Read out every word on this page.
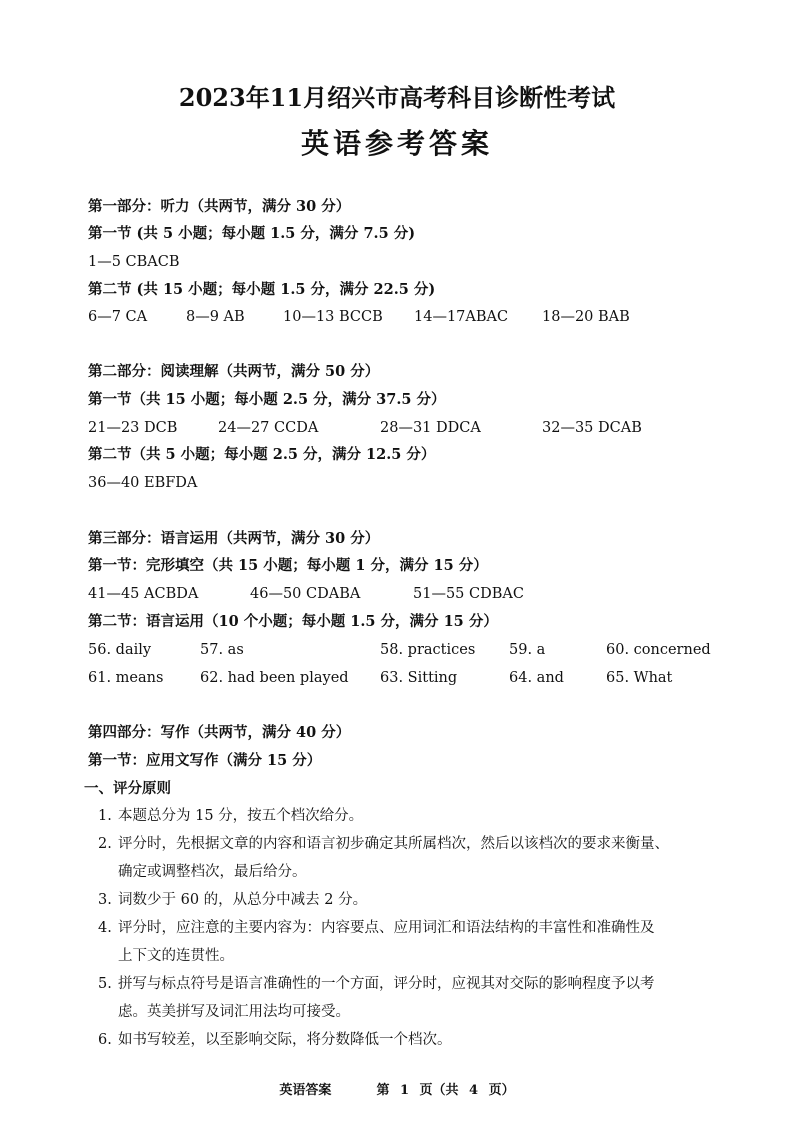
2023年11月绍兴市高考科目诊断性考试
英语参考答案
第一部分：听力（共两节，满分 30 分）
第一节 (共 5 小题；每小题 1.5 分，满分 7.5 分)
1—5 CBACB
第二节 (共 15 小题；每小题 1.5 分，满分 22.5 分)
6—7 CA	8—9 AB	10—13 BCCB 14—17ABAC 18—20 BAB
第二部分：阅读理解（共两节，满分 50 分）
第一节（共 15 小题；每小题 2.5 分，满分 37.5 分）
21—23 DCB	24—27 CCDA	28—31 DDCA	32—35 DCAB
第二节（共 5 小题；每小题 2.5 分，满分 12.5 分）
36—40 EBFDA
第三部分：语言运用（共两节，满分 30 分）
第一节：完形填空（共 15 小题；每小题 1 分，满分 15 分）
41—45 ACBDA	46—50 CDABA	51—55 CDBAC
第二节：语言运用（10 个小题；每小题 1.5 分，满分 15 分）
56. daily	57. as	58. practices 59. a	60. concerned
61. means	62. had been played 63. Sitting	64. and	65. What
第四部分：写作（共两节，满分 40 分）
第一节：应用文写作（满分 15 分）
一、评分原则
1. 本题总分为 15 分，按五个档次给分。
2. 评分时，先根据文章的内容和语言初步确定其所属档次，然后以该档次的要求来衡量、
确定或调整档次，最后给分。
3. 词数少于 60 的，从总分中减去 2 分。
4. 评分时，应注意的主要内容为：内容要点、应用词汇和语法结构的丰富性和准确性及
上下文的连贯性。
5. 拼写与标点符号是语言准确性的一个方面，评分时，应视其对交际的影响程度予以考
虑。英美拼写及词汇用法均可接受。
6. 如书写较差，以至影响交际，将分数降低一个档次。
英语答案	第 1 页（共 4 页）
